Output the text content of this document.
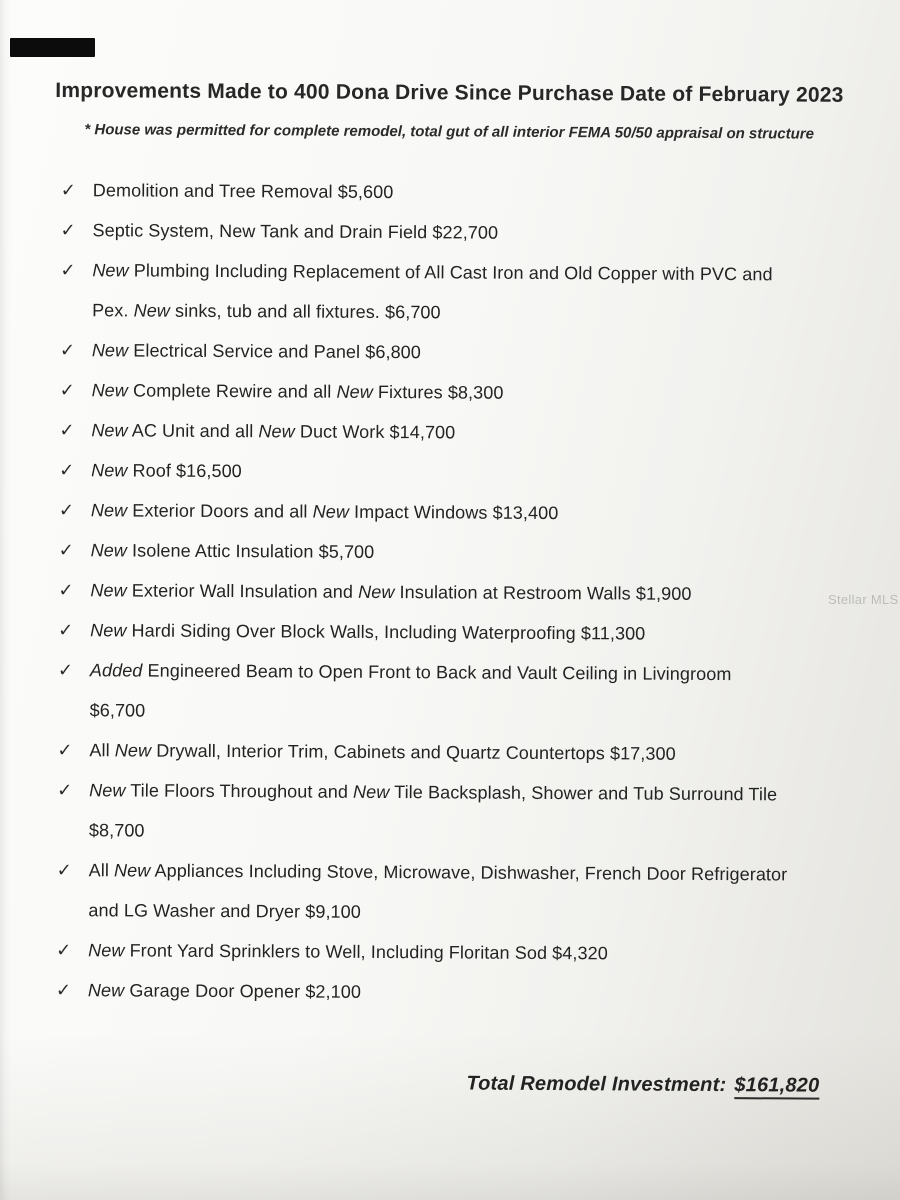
Improvements Made to 400 Dona Drive Since Purchase Date of February 2023

* House was permitted for complete remodel, total gut of all interior FEMA 50/50 appraisal on structure

✓ Demolition and Tree Removal $5,600
✓ Septic System, New Tank and Drain Field $22,700
✓ New Plumbing Including Replacement of All Cast Iron and Old Copper with PVC and Pex. New sinks, tub and all fixtures. $6,700
✓ New Electrical Service and Panel $6,800
✓ New Complete Rewire and all New Fixtures $8,300
✓ New AC Unit and all New Duct Work $14,700
✓ New Roof $16,500
✓ New Exterior Doors and all New Impact Windows $13,400
✓ New Isolene Attic Insulation $5,700
✓ New Exterior Wall Insulation and New Insulation at Restroom Walls $1,900
✓ New Hardi Siding Over Block Walls, Including Waterproofing $11,300
✓ Added Engineered Beam to Open Front to Back and Vault Ceiling in Livingroom $6,700
✓ All New Drywall, Interior Trim, Cabinets and Quartz Countertops $17,300
✓ New Tile Floors Throughout and New Tile Backsplash, Shower and Tub Surround Tile $8,700
✓ All New Appliances Including Stove, Microwave, Dishwasher, French Door Refrigerator and LG Washer and Dryer $9,100
✓ New Front Yard Sprinklers to Well, Including Floritan Sod $4,320
✓ New Garage Door Opener $2,100
Total Remodel Investment: $161,820
Stellar MLS
